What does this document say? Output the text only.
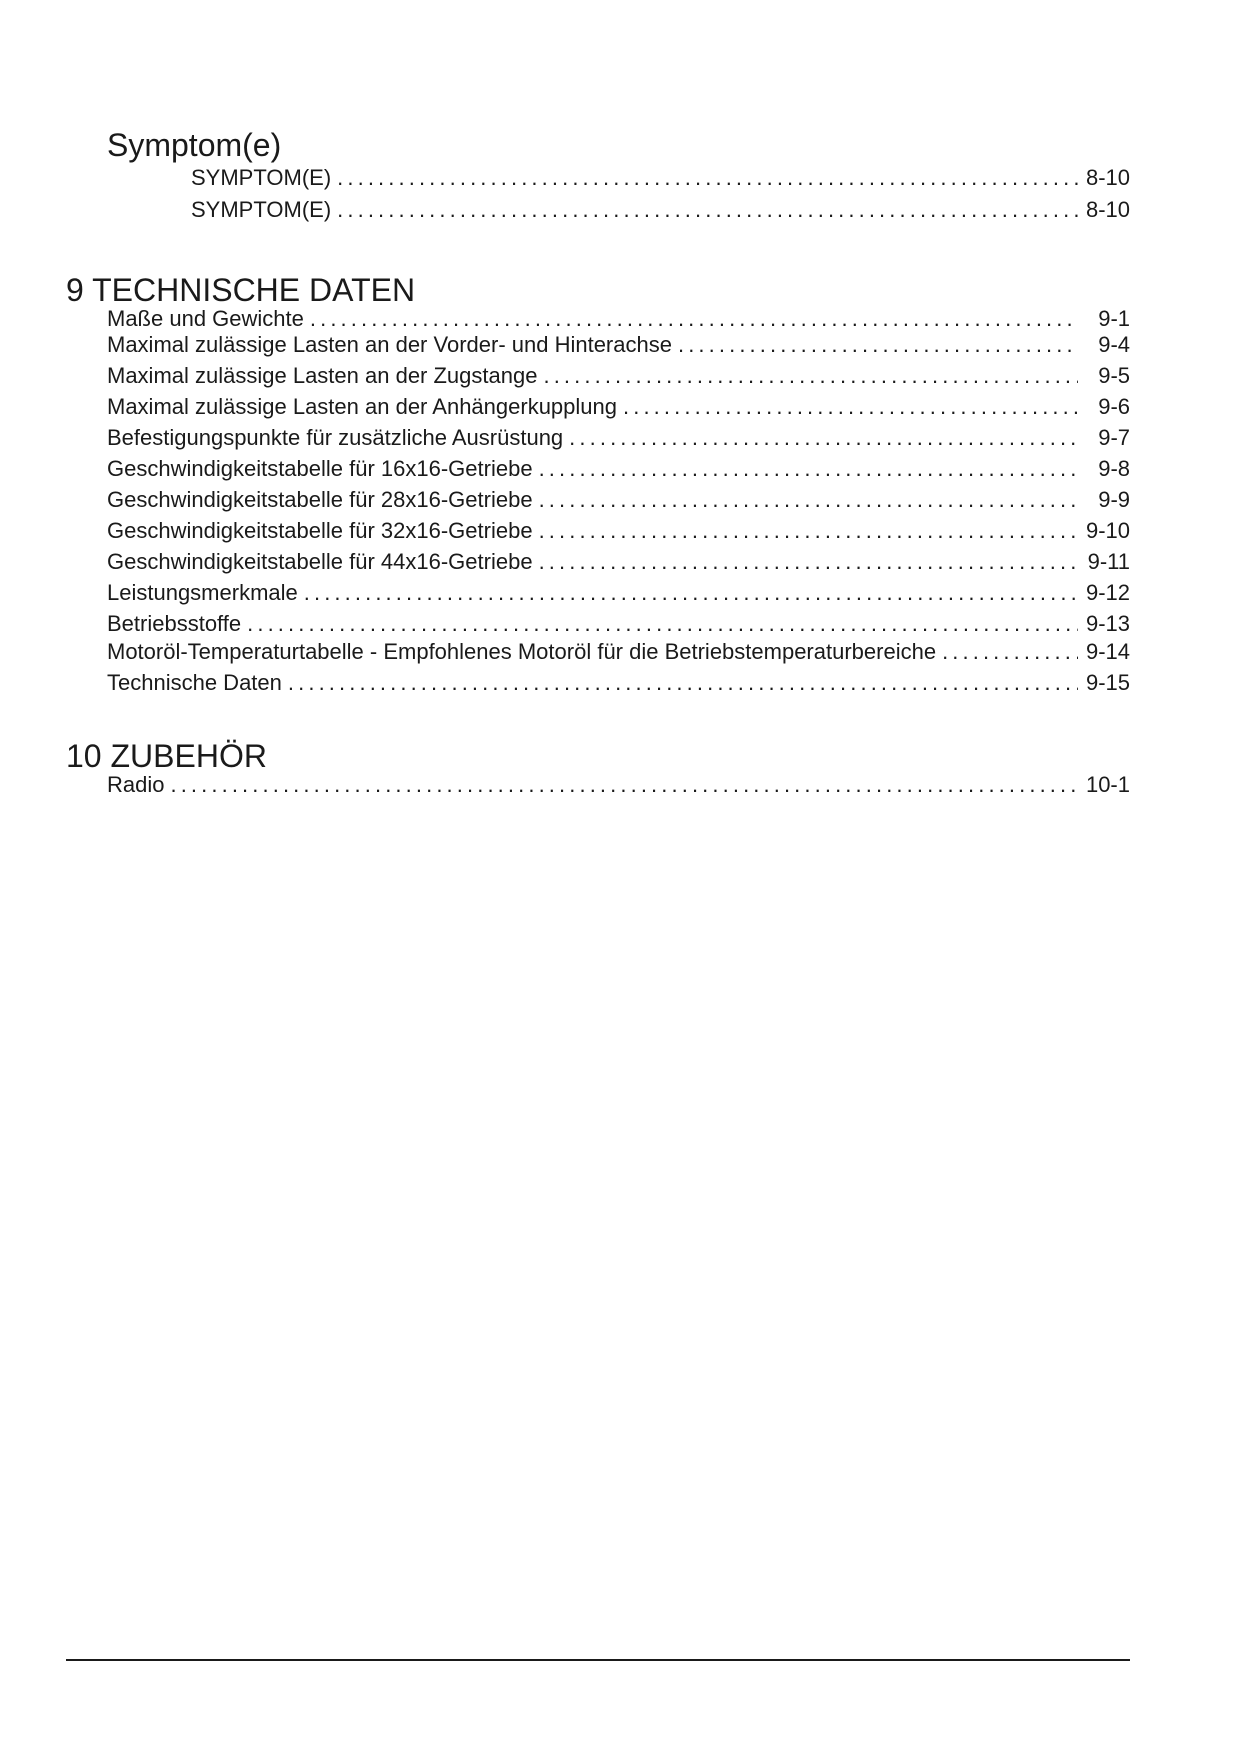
Symptom(e)
SYMPTOM(E) . . .	8-10
SYMPTOM(E) . . .	8-10
9 TECHNISCHE DATEN
Maße und Gewichte . . .	9-1
Maximal zulässige Lasten an der Vorder- und Hinterachse . . .	9-4
Maximal zulässige Lasten an der Zugstange . . .	9-5
Maximal zulässige Lasten an der Anhängerkupplung . . .	9-6
Befestigungspunkte für zusätzliche Ausrüstung . . .	9-7
Geschwindigkeitstabelle für 16x16-Getriebe . . .	9-8
Geschwindigkeitstabelle für 28x16-Getriebe . . .	9-9
Geschwindigkeitstabelle für 32x16-Getriebe . . .	9-10
Geschwindigkeitstabelle für 44x16-Getriebe . . .	9-11
Leistungsmerkmale . . .	9-12
Betriebsstoffe . . .	9-13
Motoröl-Temperaturtabelle - Empfohlenes Motoröl für die Betriebstemperaturbereiche . . .	9-14
Technische Daten . . .	9-15
10 ZUBEHÖR
Radio . . .	10-1
